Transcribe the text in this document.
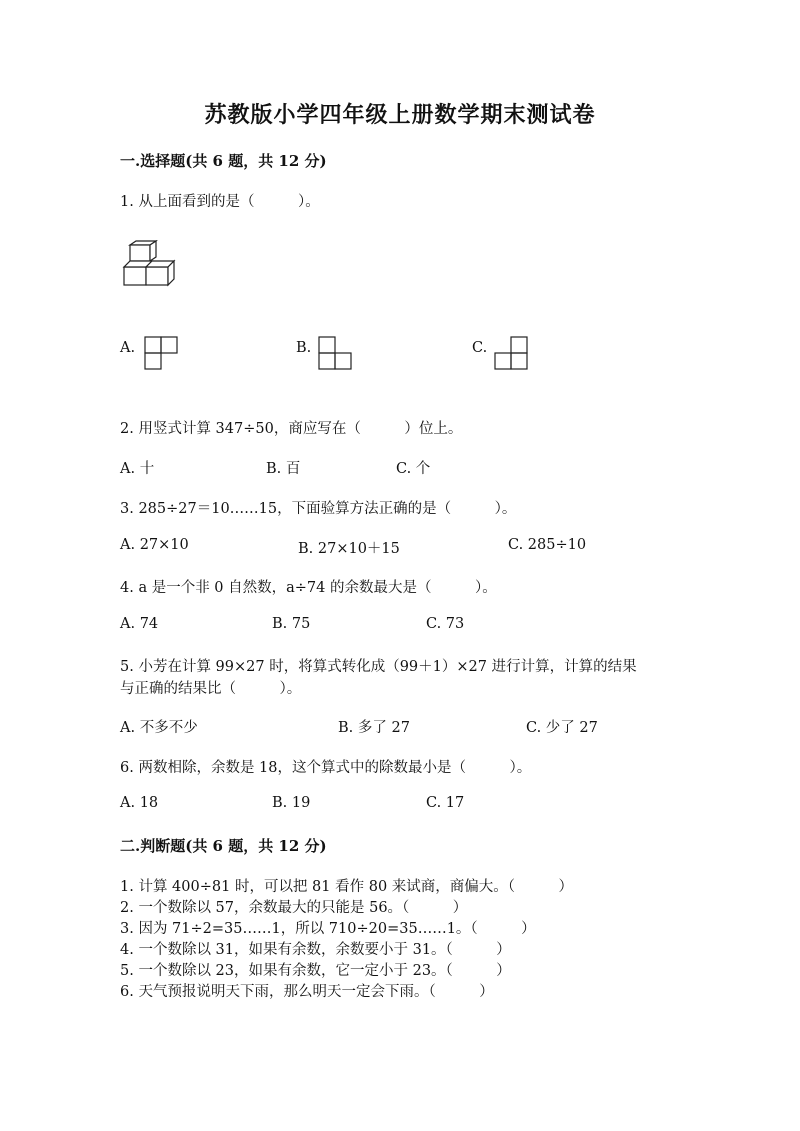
苏教版小学四年级上册数学期末测试卷
一.选择题(共 6 题，共 12 分)
1. 从上面看到的是（　　　）。
A.	B.	C.
2. 用竖式计算 347÷50，商应写在（　　　）位上。
A. 十	B. 百	C. 个
3. 285÷27＝10……15，下面验算方法正确的是（　　　）。
A. 27×10	B. 27×10＋15	C. 285÷10
4. a 是一个非 0 自然数，a÷74 的余数最大是（　　　）。
A. 74	B. 75	C. 73
5. 小芳在计算 99×27 时，将算式转化成（99＋1）×27 进行计算，计算的结果
与正确的结果比（　　　）。
A. 不多不少	B. 多了 27	C. 少了 27
6. 两数相除，余数是 18，这个算式中的除数最小是（　　　）。
A. 18	B. 19	C. 17
二.判断题(共 6 题，共 12 分)
1. 计算 400÷81 时，可以把 81 看作 80 来试商，商偏大。（　　　）
2. 一个数除以 57，余数最大的只能是 56。（　　　）
3. 因为 71÷2=35……1，所以 710÷20=35……1。（　　　）
4. 一个数除以 31，如果有余数，余数要小于 31。（　　　）
5. 一个数除以 23，如果有余数，它一定小于 23。（　　　）
6. 天气预报说明天下雨，那么明天一定会下雨。（　　　）
